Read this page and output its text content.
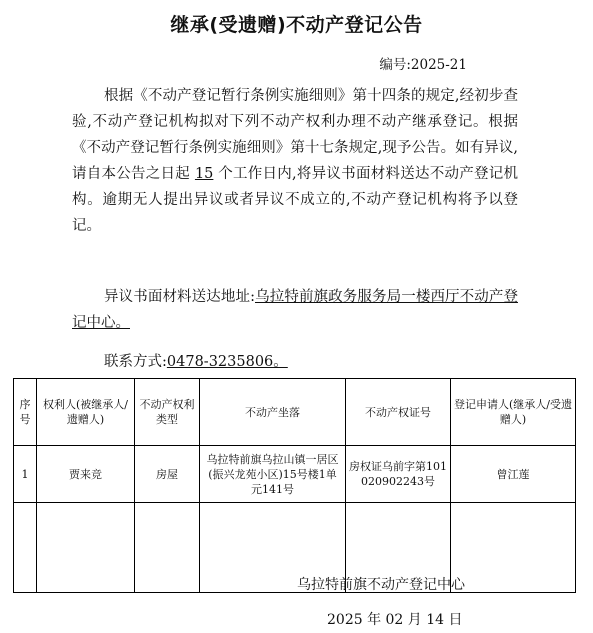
继承(受遗赠)不动产登记公告
编号:2025-21

根据《不动产登记暂行条例实施细则》第十四条的规定,经初步查验,不动产登记机构拟对下列不动产权利办理不动产继承登记。根据《不动产登记暂行条例实施细则》第十七条规定,现予公告。如有异议,请自本公告之日起 15 个工作日内,将异议书面材料送达不动产登记机构。逾期无人提出异议或者异议不成立的,不动产登记机构将予以登记。

异议书面材料送达地址:乌拉特前旗政务服务局一楼西厅不动产登记中心。

联系方式:0478-3235806。

序号	权利人(被继承人/遗赠人)	不动产权利类型	不动产坐落	不动产权证号	登记申请人(继承人/受遗赠人)
1	贾来竞	房屋	乌拉特前旗乌拉山镇一居区(振兴龙苑小区)15号楼1单元141号	房权证乌前字第101020902243号	曾江莲

乌拉特前旗不动产登记中心
2025 年 02 月 14 日
